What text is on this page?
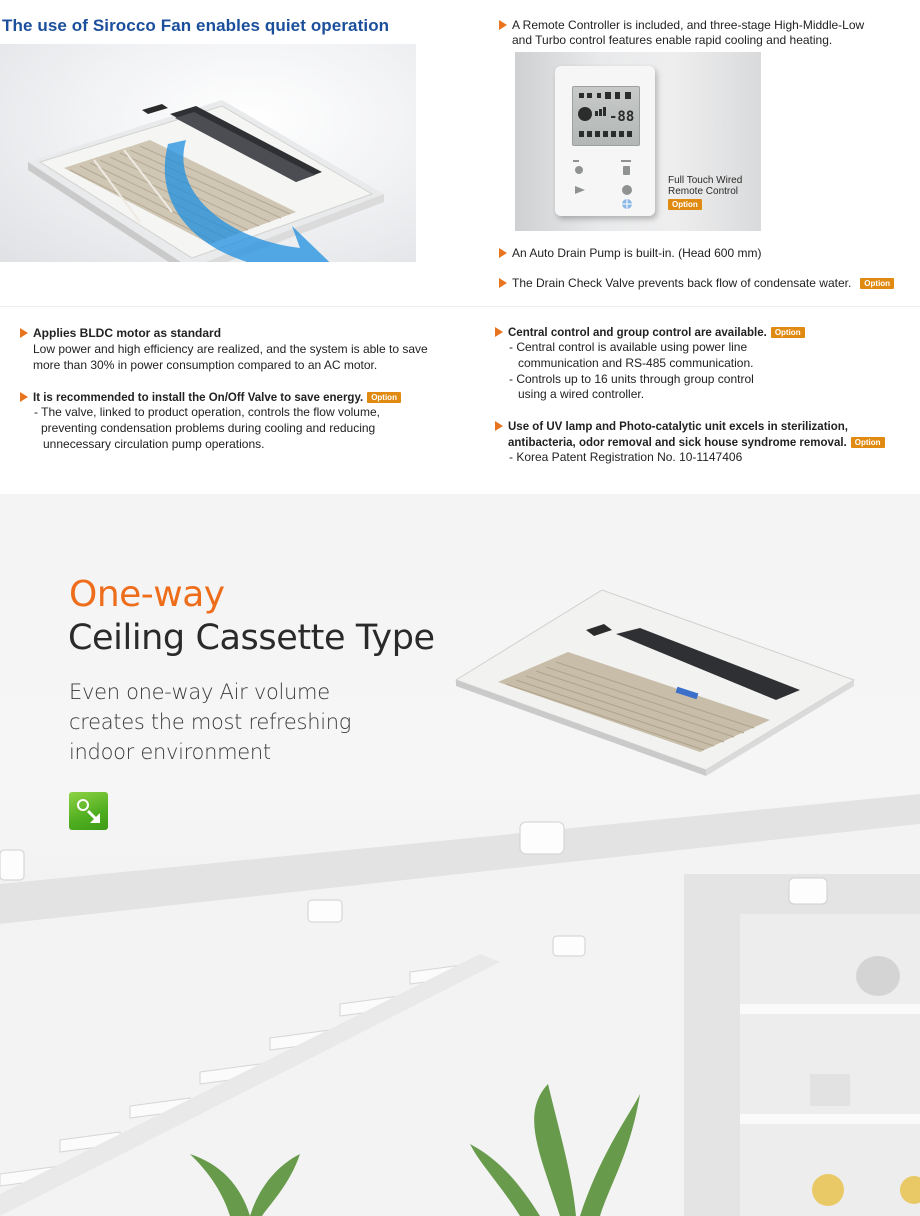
The use of Sirocco Fan enables quiet operation	A Remote Controller is included, and three-stage High-Middle-Low
and Turbo control features enable rapid cooling and heating.
-88
Full Touch Wired
Remote Control
Option
An Auto Drain Pump is built-in. (Head 600 mm)
The Drain Check Valve prevents back flow of condensate water. Option
Applies BLDC motor as standard
Low power and high efficiency are realized, and the system is able to save
more than 30% in power consumption compared to an AC motor.
It is recommended to install the On/Off Valve to save energy. Option
- The valve, linked to product operation, controls the flow volume,
preventing condensation problems during cooling and reducing
unnecessary circulation pump operations.
Central control and group control are available. Option
- Central control is available using power line
communication and RS-485 communication.
- Controls up to 16 units through group control
using a wired controller.
Use of UV lamp and Photo-catalytic unit excels in sterilization,
antibacteria, odor removal and sick house syndrome removal. Option
- Korea Patent Registration No. 10-1147406
One-way
Ceiling Cassette Type
Even one-way Air volume
creates the most refreshing
indoor environment
